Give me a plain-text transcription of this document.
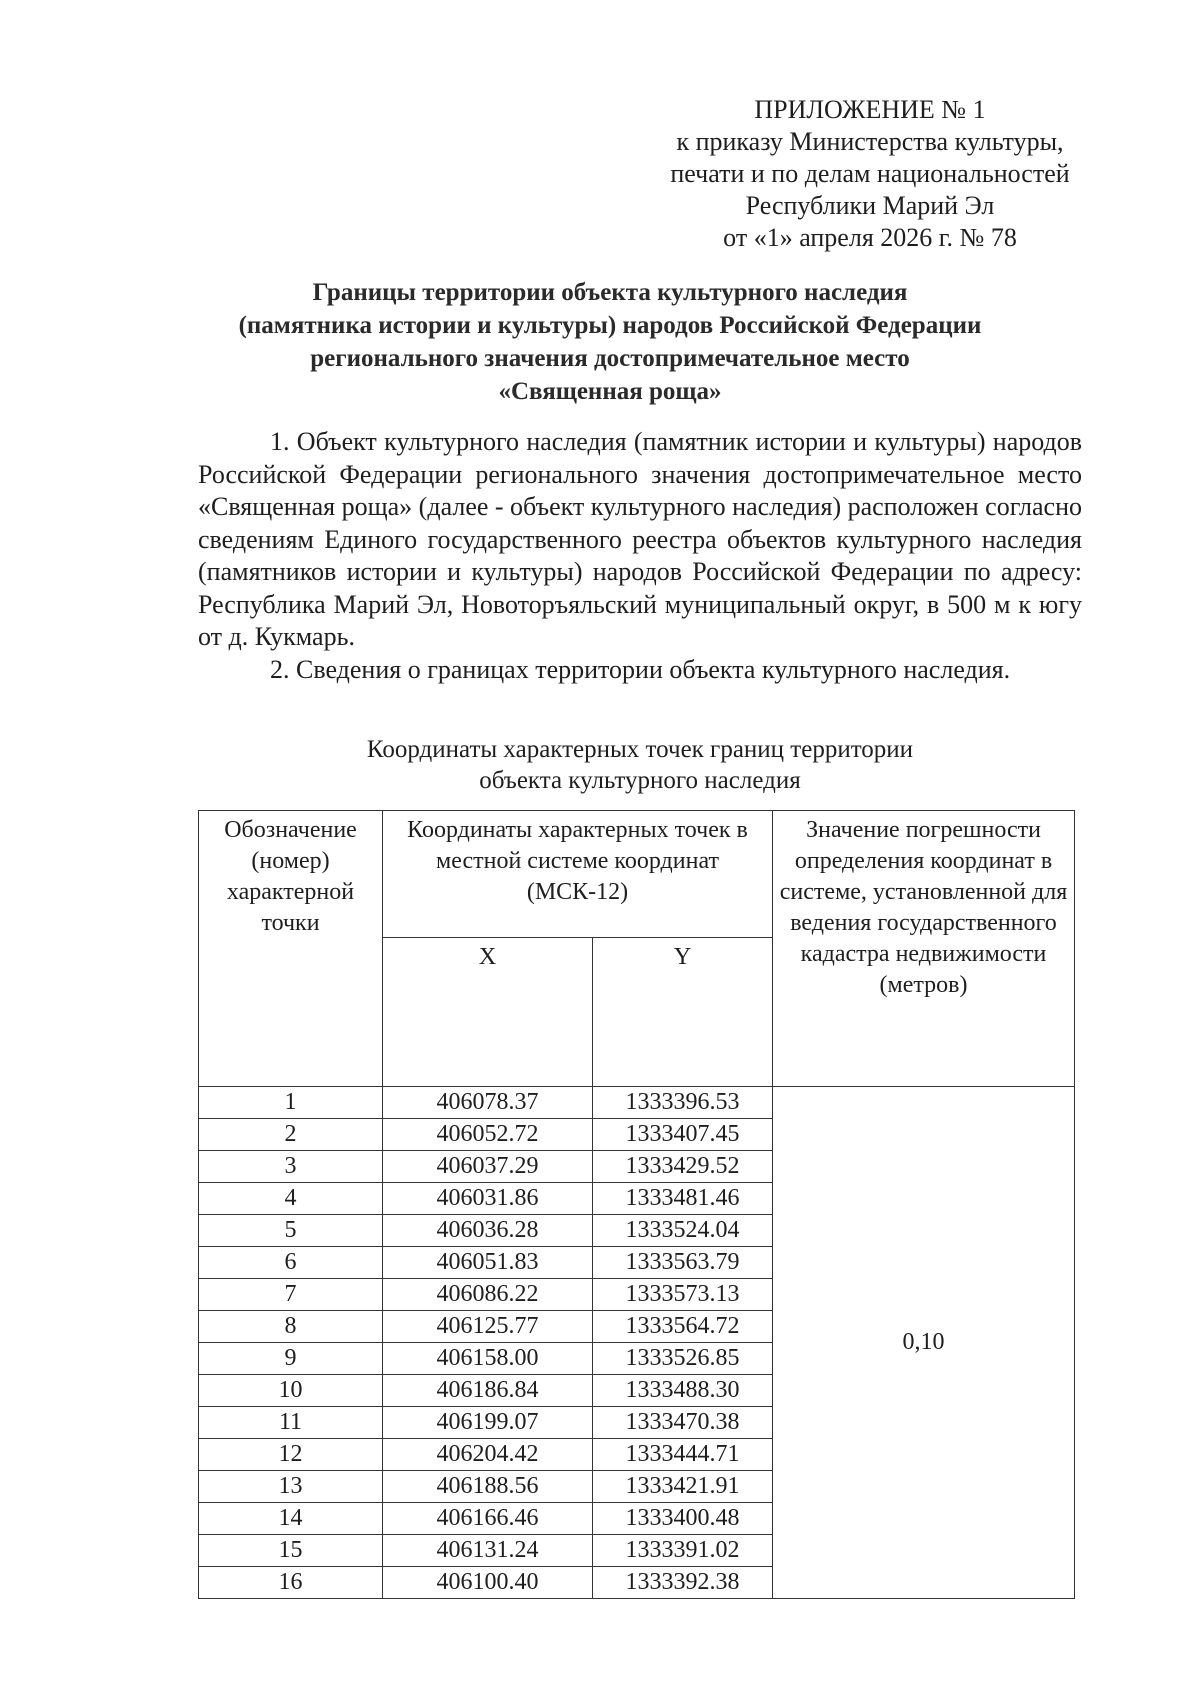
ПРИЛОЖЕНИЕ № 1
к приказу Министерства культуры,
печати и по делам национальностей
Республики Марий Эл
от «1» апреля 2026 г. № 78
Границы территории объекта культурного наследия
(памятника истории и культуры) народов Российской Федерации
регионального значения достопримечательное место
«Священная роща»

1. Объект культурного наследия (памятник истории и культуры) народов Российской Федерации регионального значения достопримечательное место «Священная роща» (далее - объект культурного наследия) расположен согласно сведениям Единого государственного реестра объектов культурного наследия (памятников истории и культуры) народов Российской Федерации по адресу: Республика Марий Эл, Новоторъяльский муниципальный округ, в 500 м к югу от д. Кукмарь.

2. Сведения о границах территории объекта культурного наследия.

Координаты характерных точек границ территории
объекта культурного наследия
Обозначение (номер) характерной точки	Координаты характерных точек в местной системе координат (МСК-12)		Значение погрешности определения координат в системе, установленной для ведения государственного кадастра недвижимости (метров)
	X	Y	
1	406078.37	1333396.53	0,10
2	406052.72	1333407.45	
3	406037.29	1333429.52	
4	406031.86	1333481.46	
5	406036.28	1333524.04	
6	406051.83	1333563.79	
7	406086.22	1333573.13	
8	406125.77	1333564.72	
9	406158.00	1333526.85	
10	406186.84	1333488.30	
11	406199.07	1333470.38	
12	406204.42	1333444.71	
13	406188.56	1333421.91	
14	406166.46	1333400.48	
15	406131.24	1333391.02	
16	406100.40	1333392.38	
